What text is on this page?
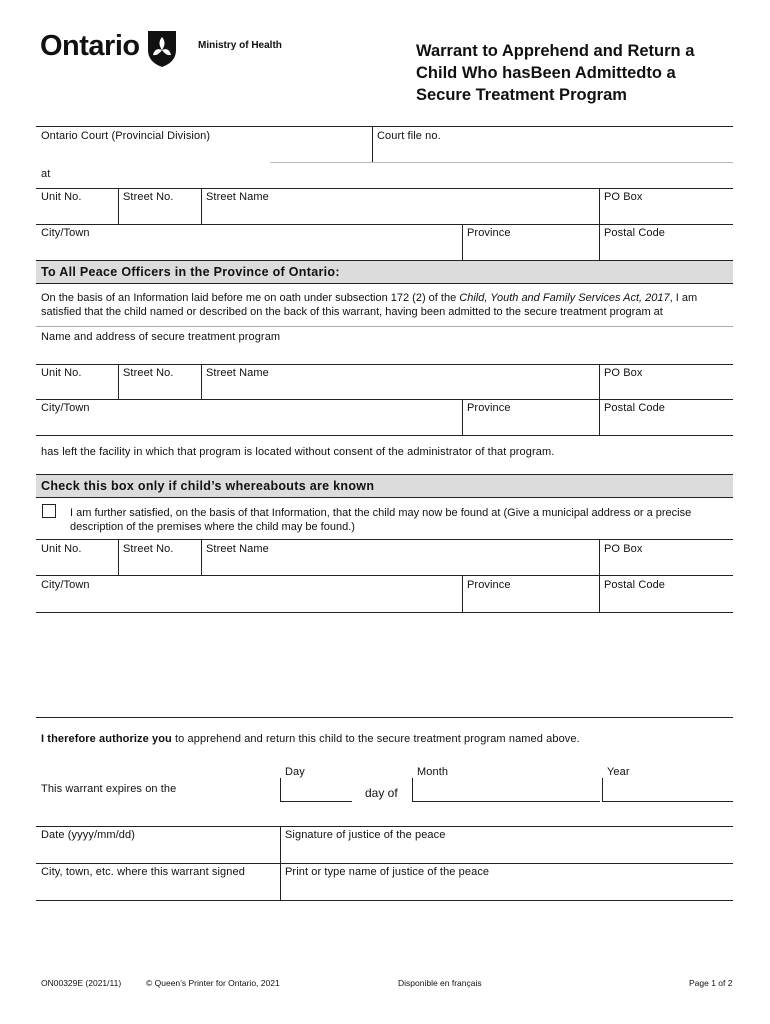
Ontario	Ministry of Health	Warrant to Apprehend and Return a
Child Who hasBeen Admittedto a
Secure Treatment Program
Ontario Court (Provincial Division)	Court file no.
at
Unit No.	Street No.	Street Name	PO Box
City/Town	Province	Postal Code
To All Peace Officers in the Province of Ontario:
On the basis of an Information laid before me on oath under subsection 172 (2) of the Child, Youth and Family Services Act, 2017, I am
satisfied that the child named or described on the back of this warrant, having been admitted to the secure treatment program at
Name and address of secure treatment program
Unit No.	Street No.	Street Name	PO Box
City/Town	Province	Postal Code
has left the facility in which that program is located without consent of the administrator of that program.
Check this box only if child’s whereabouts are known
I am further satisfied, on the basis of that Information, that the child may now be found at (Give a municipal address or a precise
description of the premises where the child may be found.)
Unit No.	Street No.	Street Name	PO Box
City/Town	Province	Postal Code
I therefore authorize you to apprehend and return this child to the secure treatment program named above.
Day	Month	Year
This warrant expires on the	day of
Date (yyyy/mm/dd)	Signature of justice of the peace
City, town, etc. where this warrant signed	Print or type name of justice of the peace
ON00329E (2021/11)	© Queen’s Printer for Ontario, 2021	Disponible en français	Page 1 of 2
